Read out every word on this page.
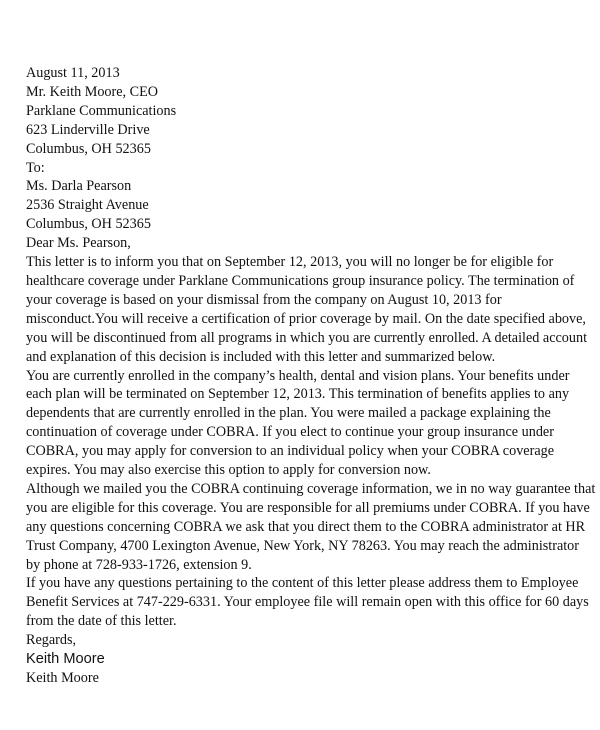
August 11, 2013
Mr. Keith Moore, CEO
Parklane Communications
623 Linderville Drive
Columbus, OH 52365
To:
Ms. Darla Pearson
2536 Straight Avenue
Columbus, OH 52365
Dear Ms. Pearson,
This letter is to inform you that on September 12, 2013, you will no longer be for eligible for
healthcare coverage under Parklane Communications group insurance policy. The termination of
your coverage is based on your dismissal from the company on August 10, 2013 for
misconduct.You will receive a certification of prior coverage by mail. On the date specified above,
you will be discontinued from all programs in which you are currently enrolled. A detailed account
and explanation of this decision is included with this letter and summarized below.
You are currently enrolled in the company’s health, dental and vision plans. Your benefits under
each plan will be terminated on September 12, 2013. This termination of benefits applies to any
dependents that are currently enrolled in the plan. You were mailed a package explaining the
continuation of coverage under COBRA. If you elect to continue your group insurance under
COBRA, you may apply for conversion to an individual policy when your COBRA coverage
expires. You may also exercise this option to apply for conversion now.
Although we mailed you the COBRA continuing coverage information, we in no way guarantee that
you are eligible for this coverage. You are responsible for all premiums under COBRA. If you have
any questions concerning COBRA we ask that you direct them to the COBRA administrator at HR
Trust Company, 4700 Lexington Avenue, New York, NY 78263. You may reach the administrator
by phone at 728-933-1726, extension 9.
If you have any questions pertaining to the content of this letter please address them to Employee
Benefit Services at 747-229-6331. Your employee file will remain open with this office for 60 days
from the date of this letter.
Regards,
Keith Moore
Keith Moore
